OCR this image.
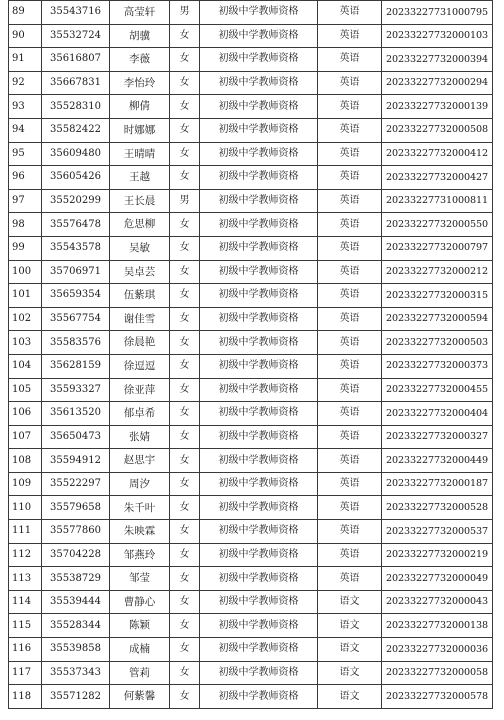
89	35543716	高莹轩	男	初级中学教师资格	英语	20233227731000795
90	35532724	胡骥	女	初级中学教师资格	英语	20233227732000103
91	35616807	李薇	女	初级中学教师资格	英语	20233227732000394
92	35667831	李怡玲	女	初级中学教师资格	英语	20233227732000294
93	35528310	柳倩	女	初级中学教师资格	英语	20233227732000139
94	35582422	时娜娜	女	初级中学教师资格	英语	20233227732000508
95	35609480	王晴晴	女	初级中学教师资格	英语	20233227732000412
96	35605426	王越	女	初级中学教师资格	英语	20233227732000427
97	35520299	王长晨	男	初级中学教师资格	英语	20233227731000811
98	35576478	危思柳	女	初级中学教师资格	英语	20233227732000550
99	35543578	吴敏	女	初级中学教师资格	英语	20233227732000797
100	35706971	吴卓芸	女	初级中学教师资格	英语	20233227732000212
101	35659354	伍紫琪	女	初级中学教师资格	英语	20233227732000315
102	35567754	谢佳雪	女	初级中学教师资格	英语	20233227732000594
103	35583576	徐晨艳	女	初级中学教师资格	英语	20233227732000503
104	35628159	徐逗逗	女	初级中学教师资格	英语	20233227732000373
105	35593327	徐亚萍	女	初级中学教师资格	英语	20233227732000455
106	35613520	郁卓希	女	初级中学教师资格	英语	20233227732000404
107	35650473	张婧	女	初级中学教师资格	英语	20233227732000327
108	35594912	赵思宇	女	初级中学教师资格	英语	20233227732000449
109	35522297	周汐	女	初级中学教师资格	英语	20233227732000187
110	35579658	朱千叶	女	初级中学教师资格	英语	20233227732000528
111	35577860	朱映霖	女	初级中学教师资格	英语	20233227732000537
112	35704228	邹燕玲	女	初级中学教师资格	英语	20233227732000219
113	35538729	邹莹	女	初级中学教师资格	英语	20233227732000049
114	35539444	曹静心	女	初级中学教师资格	语文	20233227732000043
115	35528344	陈颖	女	初级中学教师资格	语文	20233227732000138
116	35539858	成楠	女	初级中学教师资格	语文	20233227732000036
117	35537343	管莉	女	初级中学教师资格	语文	20233227732000058
118	35571282	何紫馨	女	初级中学教师资格	语文	20233227732000578
